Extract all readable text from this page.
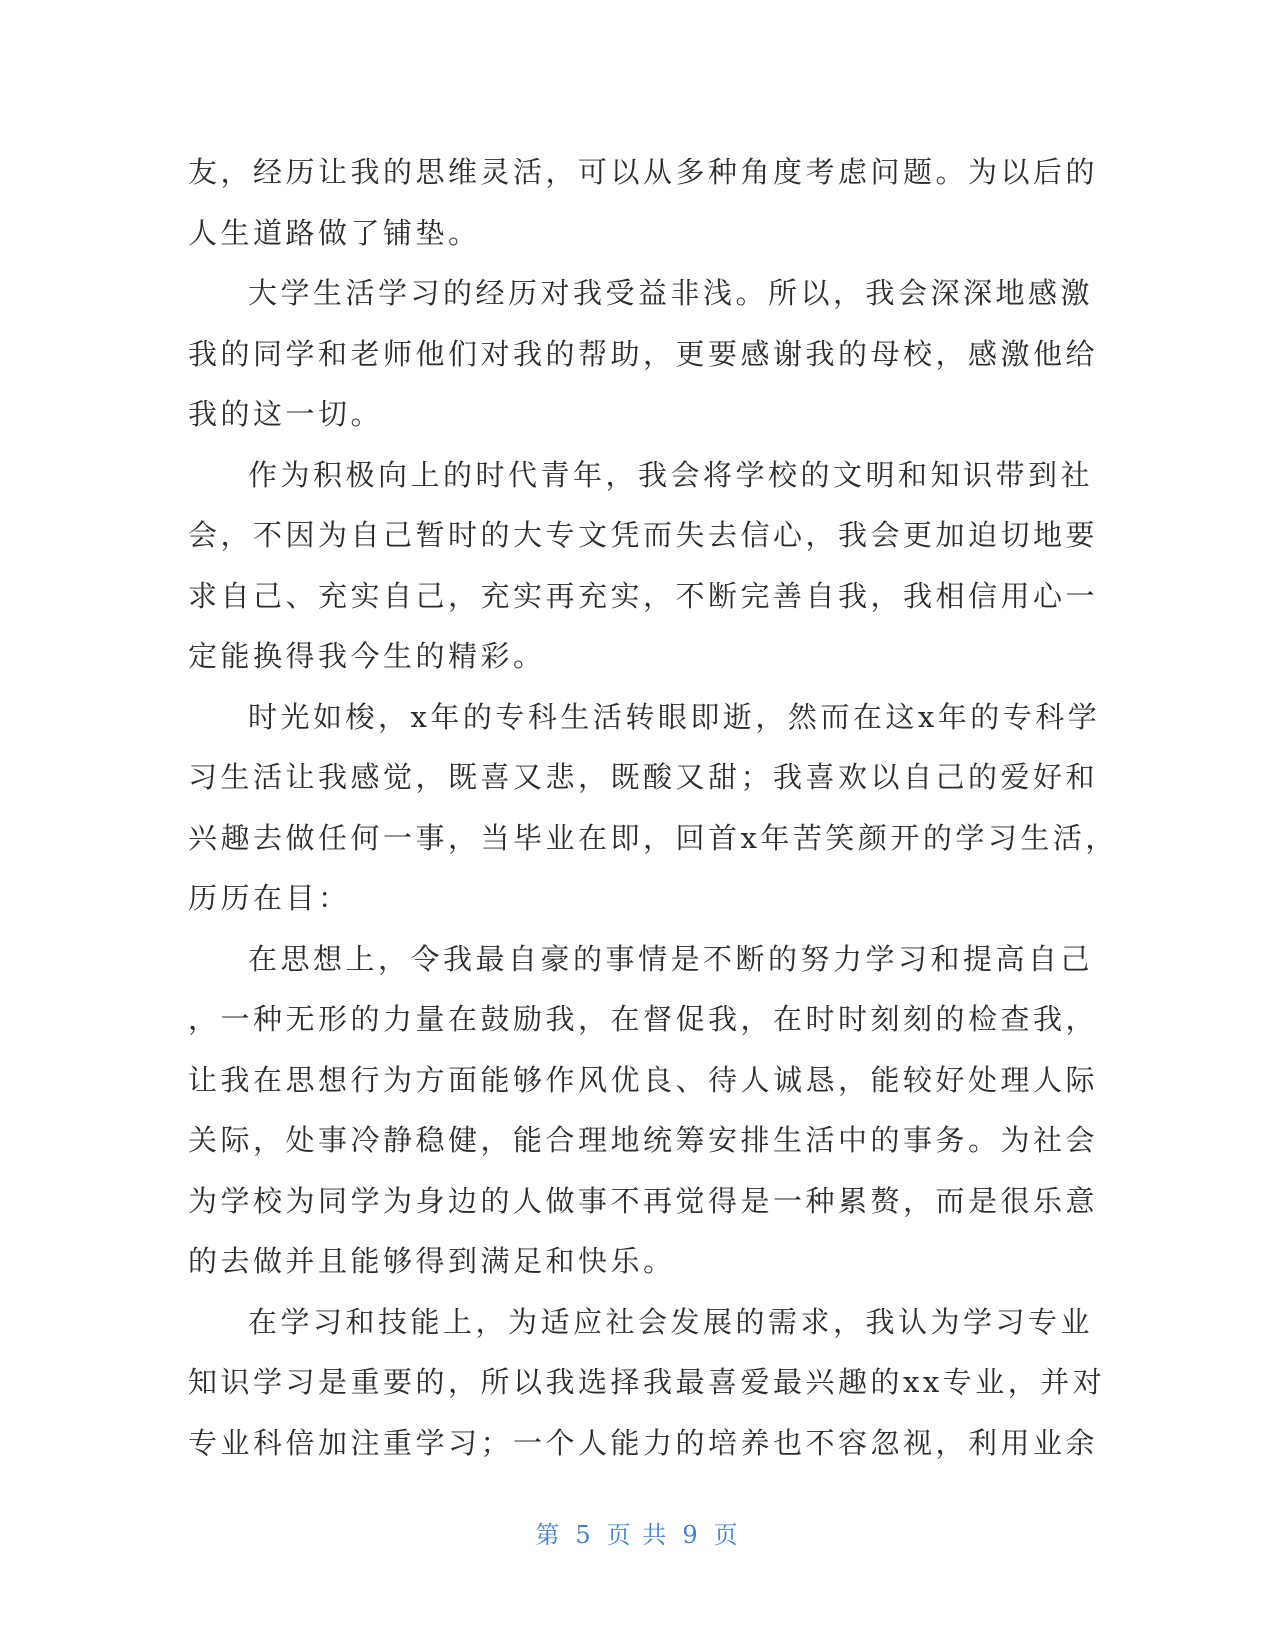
友，经历让我的思维灵活，可以从多种角度考虑问题。为以后的
人生道路做了铺垫。
大学生活学习的经历对我受益非浅。所以，我会深深地感激
我的同学和老师他们对我的帮助，更要感谢我的母校，感激他给
我的这一切。
作为积极向上的时代青年，我会将学校的文明和知识带到社
会，不因为自己暂时的大专文凭而失去信心，我会更加迫切地要
求自己、充实自己，充实再充实，不断完善自我，我相信用心一
定能换得我今生的精彩。
时光如梭，x年的专科生活转眼即逝，然而在这x年的专科学
习生活让我感觉，既喜又悲，既酸又甜；我喜欢以自己的爱好和
兴趣去做任何一事，当毕业在即，回首x年苦笑颜开的学习生活，
历历在目：
在思想上，令我最自豪的事情是不断的努力学习和提高自己
，一种无形的力量在鼓励我，在督促我，在时时刻刻的检查我，
让我在思想行为方面能够作风优良、待人诚恳，能较好处理人际
关际，处事冷静稳健，能合理地统筹安排生活中的事务。为社会
为学校为同学为身边的人做事不再觉得是一种累赘，而是很乐意
的去做并且能够得到满足和快乐。
在学习和技能上，为适应社会发展的需求，我认为学习专业
知识学习是重要的，所以我选择我最喜爱最兴趣的xx专业，并对
专业科倍加注重学习；一个人能力的培养也不容忽视，利用业余
第 5 页 共 9 页
